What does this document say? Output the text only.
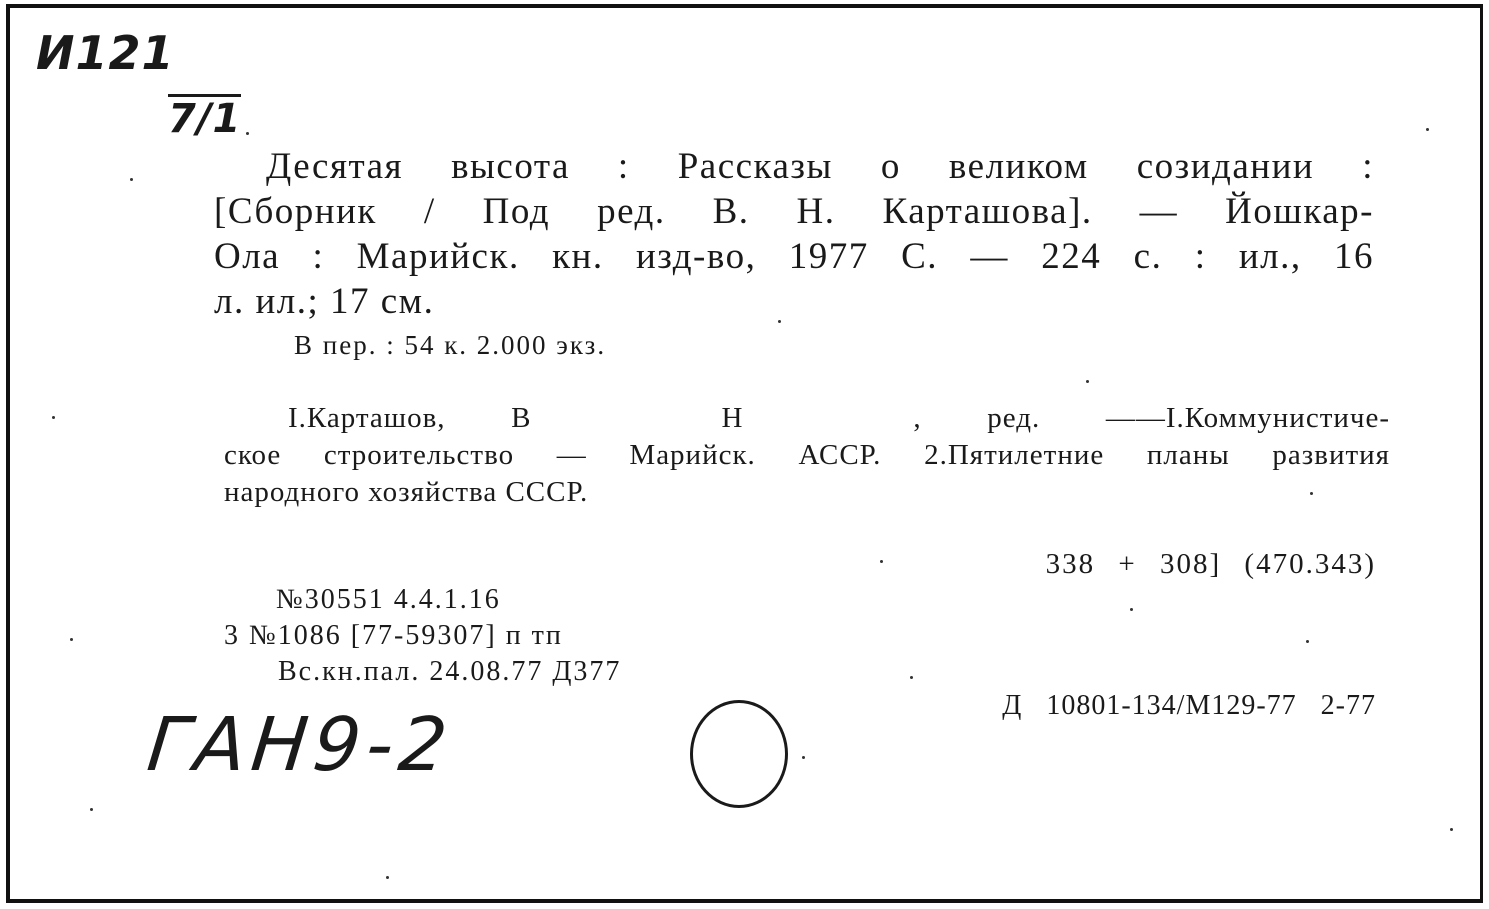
И121
7/1
Десятая высота : Рассказы о великом созидании :
[Сборник / Под ред. В. Н. Карташова]. — Йошкар-
Ола : Марийск. кн. изд-во, 1977 С. — 224 с. : ил., 16
л. ил.; 17 см.
В пер. : 54 к. 2.000 экз.
I.Карташов, В	Н	, ред. ——I.Коммунистиче-
ское строительство — Марийск. АССР. 2.Пятилетние планы развития
народного хозяйства СССР.
338 + 308] (470.343)
№30551 4.4.1.16
3 №1086 [77-59307] п тп
Вс.кн.пал. 24.08.77 Д377
Д 10801-134/М129-77 2-77
ГАН9-2
